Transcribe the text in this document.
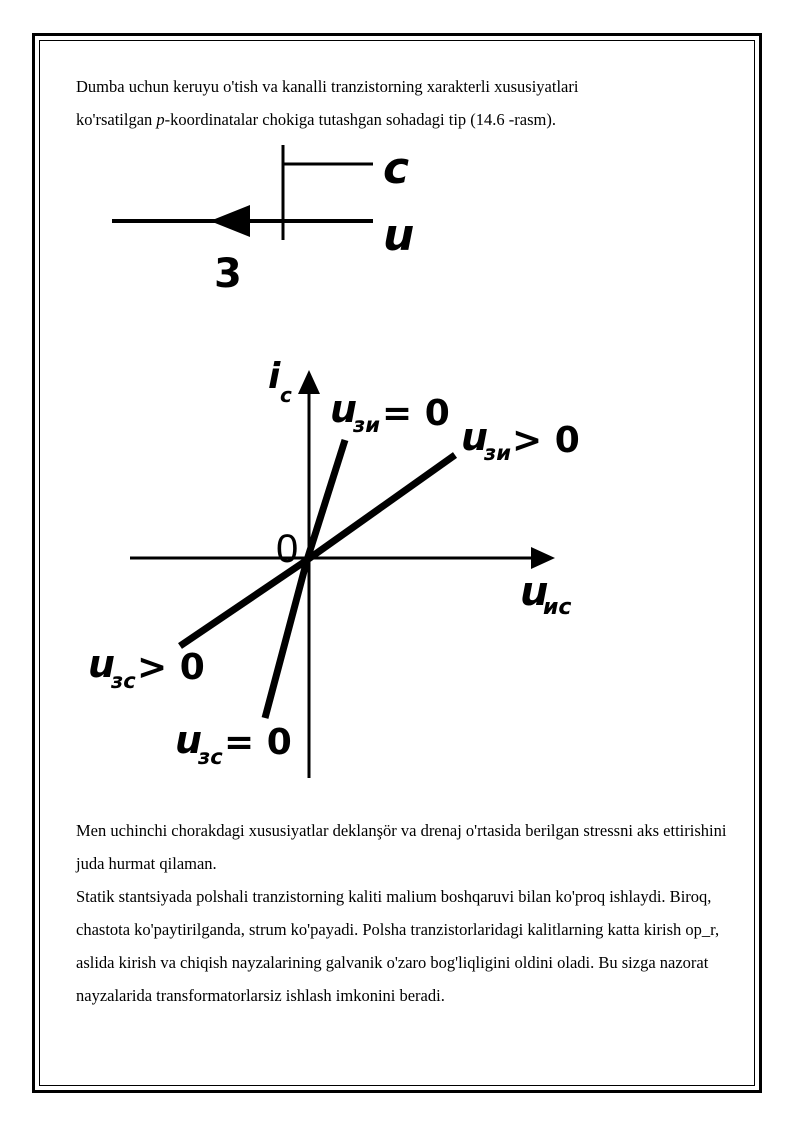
Dumba uchun keruyu o'tish va kanalli tranzistorning xarakterli xususіyatlari
ko'rsatilgan p-koordinatalar chokiga tutashgan sohadagi tip (14.6 -rasm).

c
u
3
0
i c
u
ис
u
зи = 0
u
зи > 0
u
зс > 0
u
зс = 0

Men uchinchi chorakdagi xususiyatlar deklanşör va drenaj o'rtasida berilgan stressni aks ettirishini juda hurmat qilaman.

Statik stantsiyada polshali tranzistorning kaliti malium boshqaruvi bilan ko'proq ishlaydi. Biroq, chastota ko'paytirilganda, strum ko'payadi. Polsha tranzistorlaridagi kalitlarning katta kirish op_r, aslida kirish va chiqish nayzalarining galvanik o'zaro bog'liqligini oldini oladi. Bu sizga nazorat nayzalarida transformatorlarsiz ishlash imkonini beradi.
